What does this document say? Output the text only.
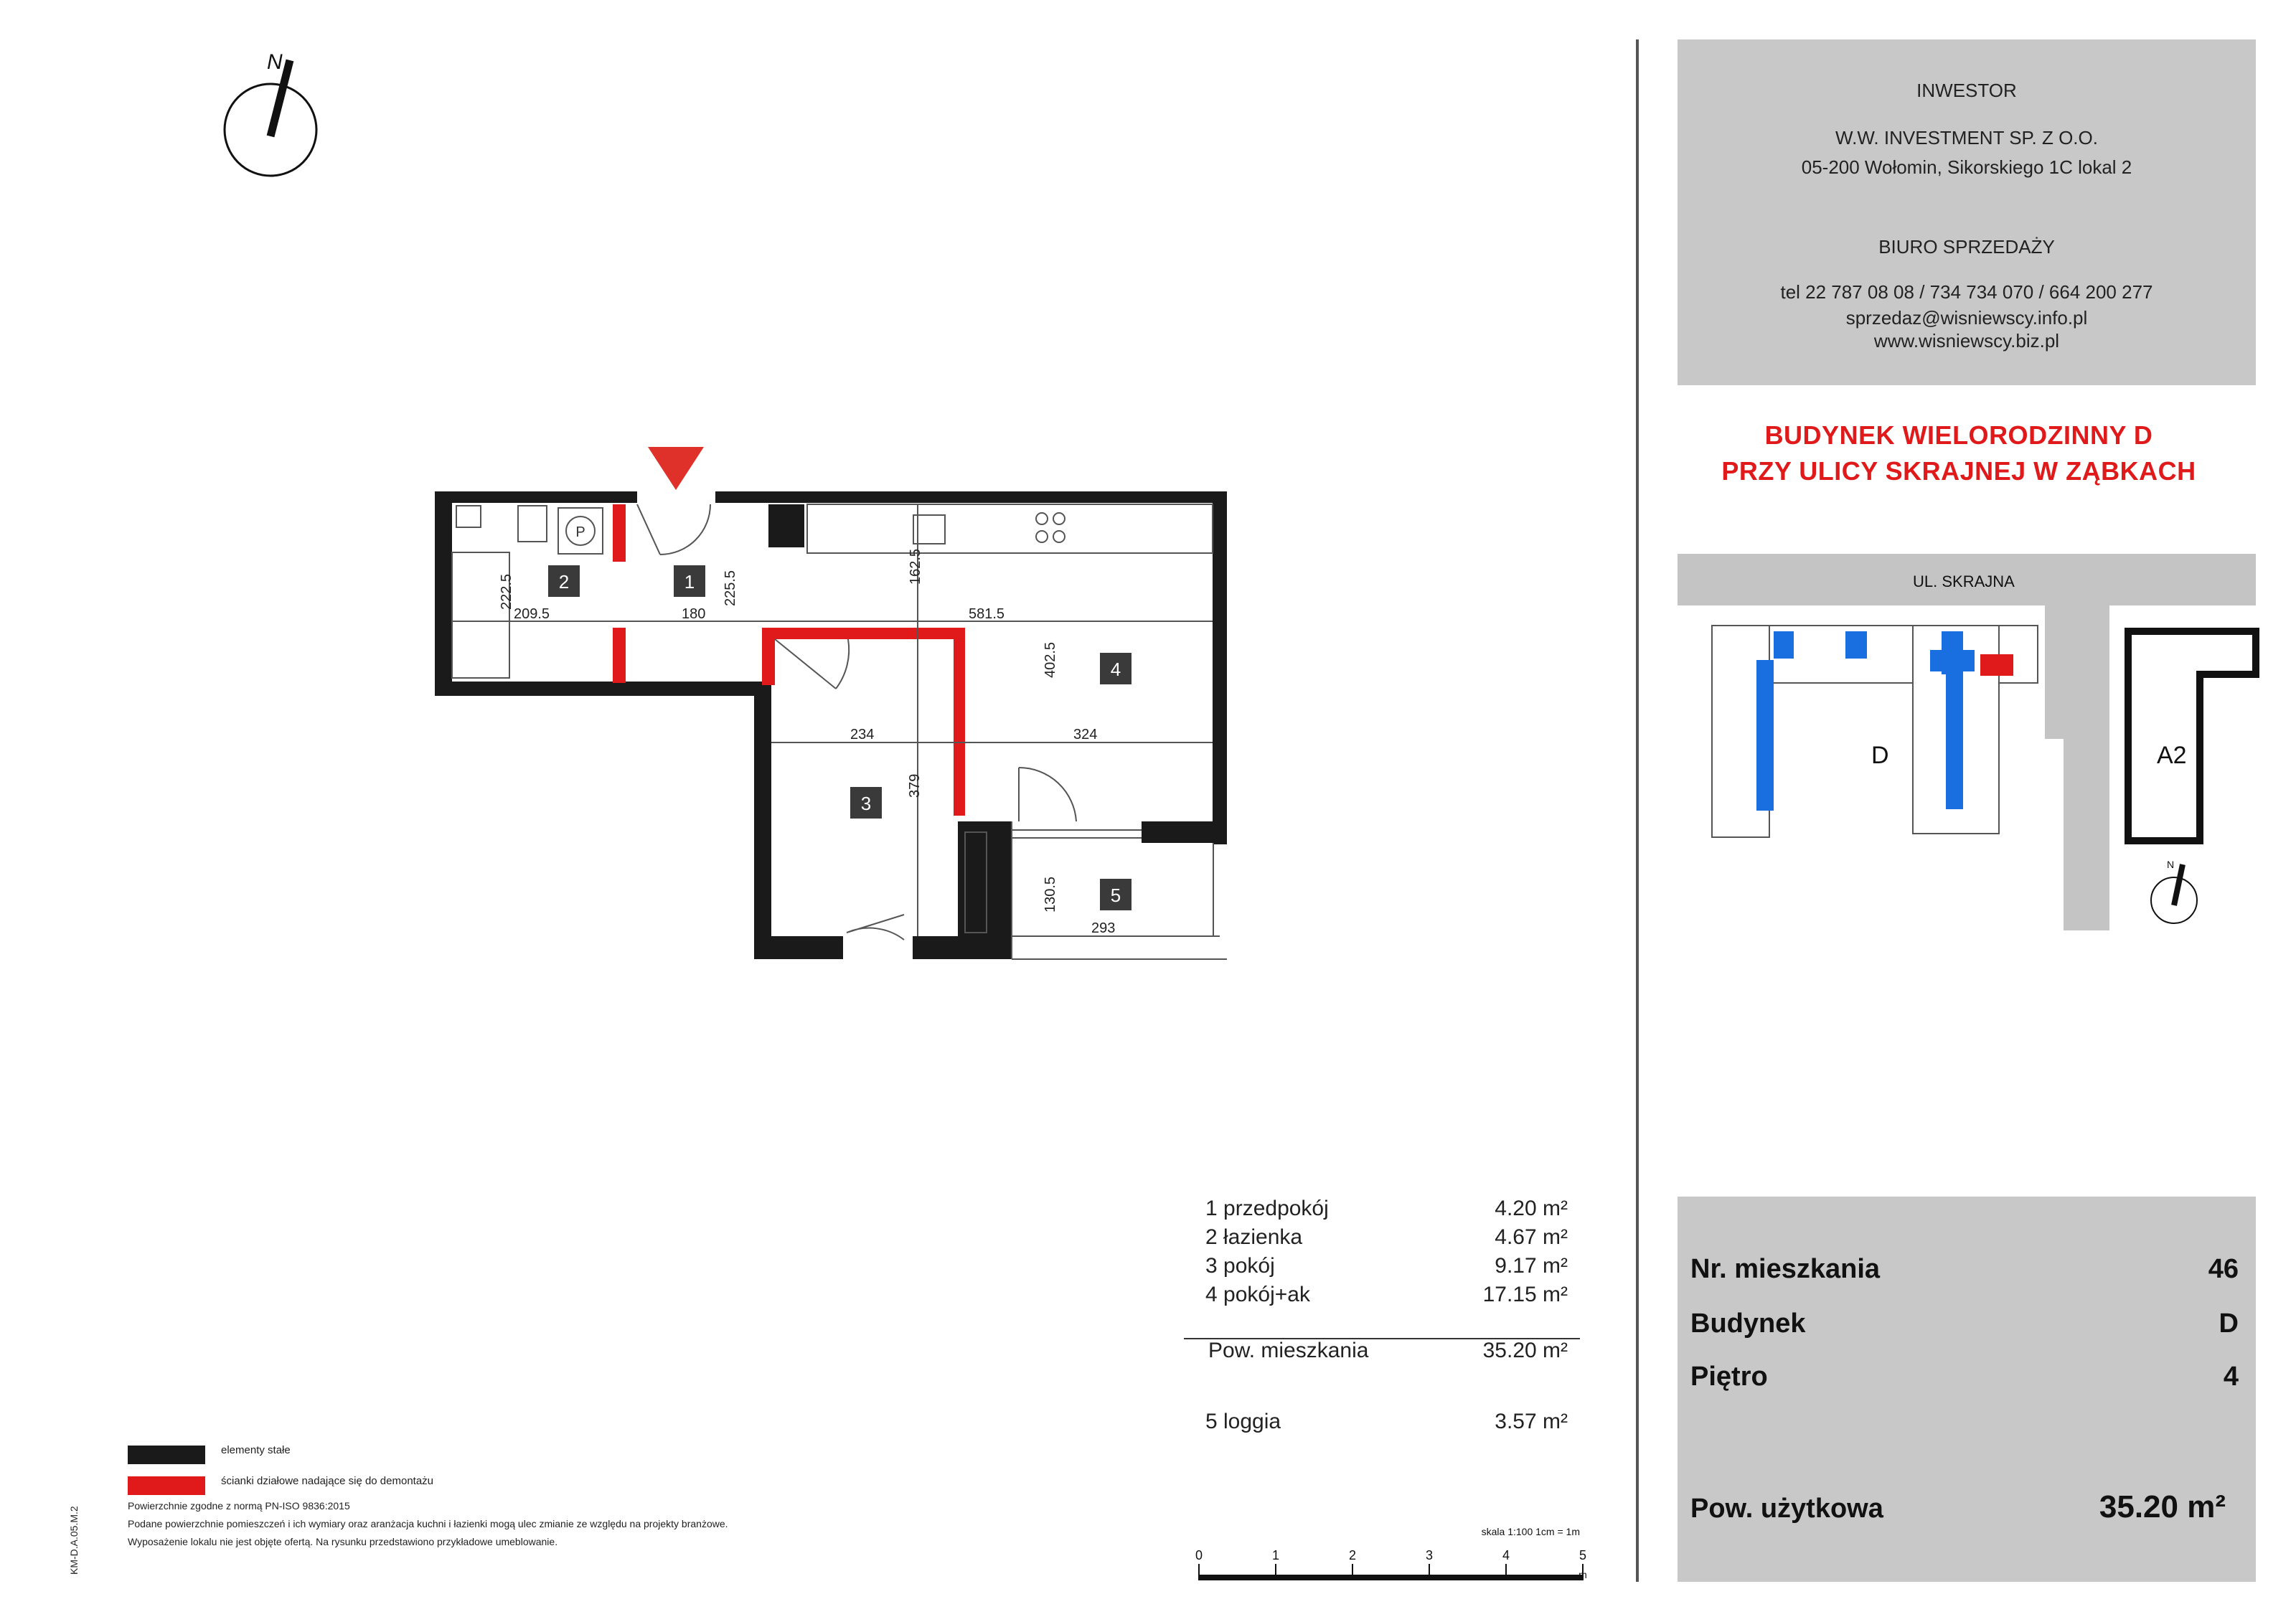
N
P
2	1
4
3
5
222.5
209.5	180
225.5
162.5
581.5
402.5
234	324
379
130.5
293
D	A2
UL. SKRAJNA
N
0	1	2	3	4	5
m
skala 1:100 1cm = 1m
KM-D.A.05.M.2
INWESTOR
W.W. INVESTMENT SP. Z O.O.
05-200 Wołomin, Sikorskiego 1C lokal 2
BIURO SPRZEDAŻY
tel 22 787 08 08 / 734 734 070 / 664 200 277
sprzedaz@wisniewscy.info.pl
www.wisniewscy.biz.pl
BUDYNEK WIELORODZINNY D
PRZY ULICY SKRAJNEJ W ZĄBKACH
1 przedpokój	4.20 m²
2 łazienka	4.67 m²
3 pokój	9.17 m²
4 pokój+ak	17.15 m²
Pow. mieszkania	35.20 m²
5 loggia	3.57 m²
elementy stałe
ścianki działowe nadające się do demontażu
Powierzchnie zgodne z normą PN-ISO 9836:2015
Podane powierzchnie pomieszczeń i ich wymiary oraz aranżacja kuchni i łazienki mogą ulec zmianie ze względu na projekty branżowe.
Wyposażenie lokalu nie jest objęte ofertą. Na rysunku przedstawiono przykładowe umeblowanie.
Nr. mieszkania	46
Budynek	D
Piętro	4
Pow. użytkowa	35.20 m²
